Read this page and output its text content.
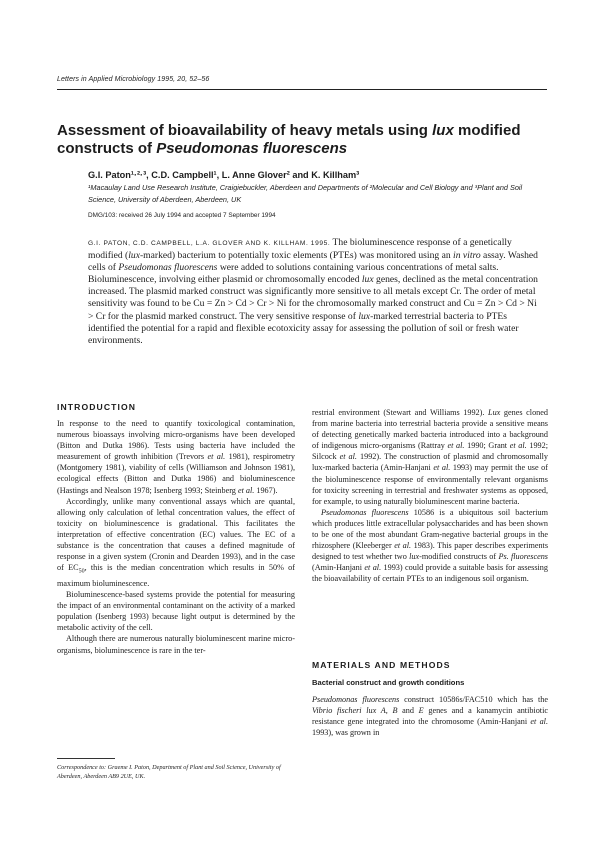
Letters in Applied Microbiology 1995, 20, 52–56
Assessment of bioavailability of heavy metals using lux modified constructs of Pseudomonas fluorescens

G.I. Paton¹·²·³, C.D. Campbell¹, L. Anne Glover² and K. Killham³

¹Macaulay Land Use Research Institute, Craigiebuckler, Aberdeen and Departments of ²Molecular and Cell Biology and ³Plant and Soil Science, University of Aberdeen, Aberdeen, UK

DMG/103: received 26 July 1994 and accepted 7 September 1994

G.I. PATON, C.D. CAMPBELL, L.A. GLOVER AND K. KILLHAM. 1995. The bioluminescence response of a genetically modified (lux-marked) bacterium to potentially toxic elements (PTEs) was monitored using an in vitro assay. Washed cells of Pseudomonas fluorescens were added to solutions containing various concentrations of metal salts. Bioluminescence, involving either plasmid or chromosomally encoded lux genes, declined as the metal concentration increased. The plasmid marked construct was significantly more sensitive to all metals except Cr. The order of metal sensitivity was found to be Cu = Zn > Cd > Cr > Ni for the chromosomally marked construct and Cu = Zn > Cd > Ni > Cr for the plasmid marked construct. The very sensitive response of lux-marked terrestrial bacteria to PTEs identified the potential for a rapid and flexible ecotoxicity assay for assessing the pollution of soil or fresh water environments.

INTRODUCTION

In response to the need to quantify toxicological contamination, numerous bioassays involving micro-organisms have been developed (Bitton and Dutka 1986). Tests using bacteria have included the measurement of growth inhibition (Trevors et al. 1981), respirometry (Montgomery 1981), viability of cells (Williamson and Johnson 1981), ecological effects (Bitton and Dutka 1986) and bioluminescence (Hastings and Nealson 1978; Isenberg 1993; Steinberg et al. 1967).

Accordingly, unlike many conventional assays which are quantal, allowing only calculation of lethal concentration values, the effect of toxicity on bioluminescence is gradational. This facilitates the interpretation of effective concentration (EC) values. The EC of a substance is the concentration that causes a defined magnitude of response in a given system (Cronin and Dearden 1993), and in the case of $EC_{50}$, this is the median concentration which results in 50% of maximum bioluminescence.

Bioluminescence-based systems provide the potential for measuring the impact of an environmental contaminant on the activity of a marked population (Isenberg 1993) because light output is determined by the metabolic activity of the cell.

Although there are numerous naturally bioluminescent marine micro-organisms, bioluminescence is rare in the ter-

Correspondence to: Graeme I. Paton, Department of Plant and Soil Science, University of Aberdeen, Aberdeen AB9 2UE, UK.

restrial environment (Stewart and Williams 1992). Lux genes cloned from marine bacteria into terrestrial bacteria provide a sensitive means of detecting genetically marked bacteria introduced into a background of indigenous micro-organisms (Rattray et al. 1990; Grant et al. 1992; Silcock et al. 1992). The construction of plasmid and chromosomally lux-marked bacteria (Amin-Hanjani et al. 1993) may permit the use of the bioluminescence response of environmentally relevant organisms for toxicity screening in terrestrial and freshwater systems as opposed, for example, to using naturally bioluminescent marine bacteria.

Pseudomonas fluorescens 10586 is a ubiquitous soil bacterium which produces little extracellular polysaccharides and has been shown to be one of the most abundant Gram-negative bacterial groups in the rhizosphere (Kleeberger et al. 1983). This paper describes experiments designed to test whether two lux-modified constructs of Ps. fluorescens (Amin-Hanjani et al. 1993) could provide a suitable basis for assessing the bioavailability of certain PTEs to an indigenous soil organism.

MATERIALS AND METHODS
Bacterial construct and growth conditions

Pseudomonas fluorescens construct 10586s/FAC510 which has the Vibrio fischeri lux A, B and E genes and a kanamycin antibiotic resistance gene integrated into the chromosome (Amin-Hanjani et al. 1993), was grown in
